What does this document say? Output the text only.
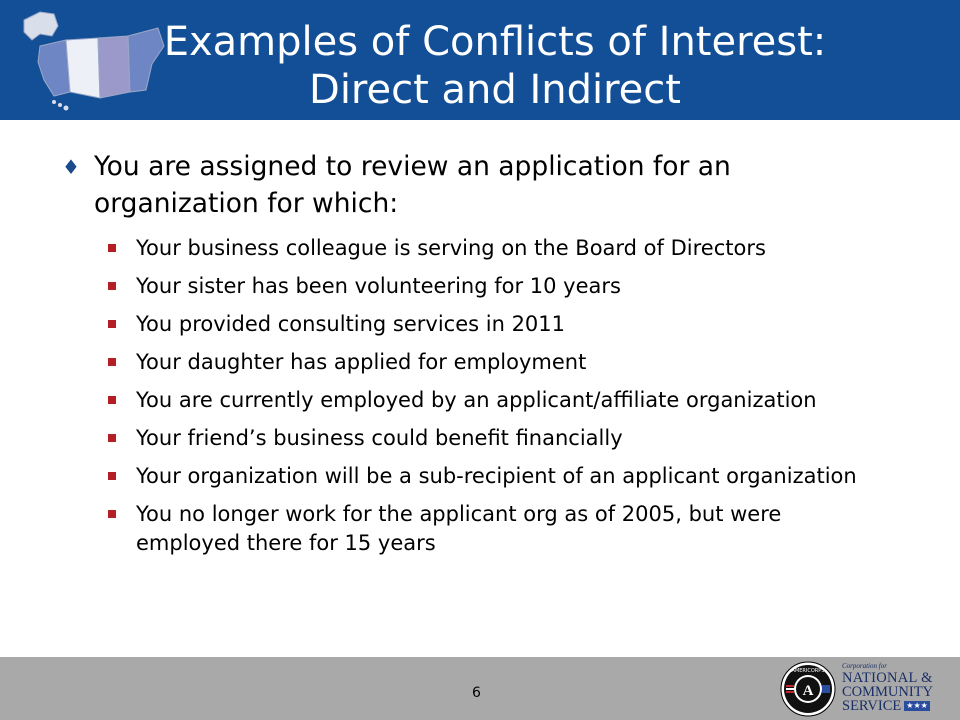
Examples of Conflicts of Interest:
Direct and Indirect
♦ You are assigned to review an application for an organization for which:
Your business colleague is serving on the Board of Directors
Your sister has been volunteering for 10 years
You provided consulting services in 2011
Your daughter has applied for employment
You are currently employed by an applicant/affiliate organization
Your friend’s business could benefit financially
Your organization will be a sub-recipient of an applicant organization
You no longer work for the applicant org as of 2005, but were employed there for 15 years
6
AMERICORPS
A
Corporation for
NATIONAL &
COMMUNITY
SERVICE ★★★
